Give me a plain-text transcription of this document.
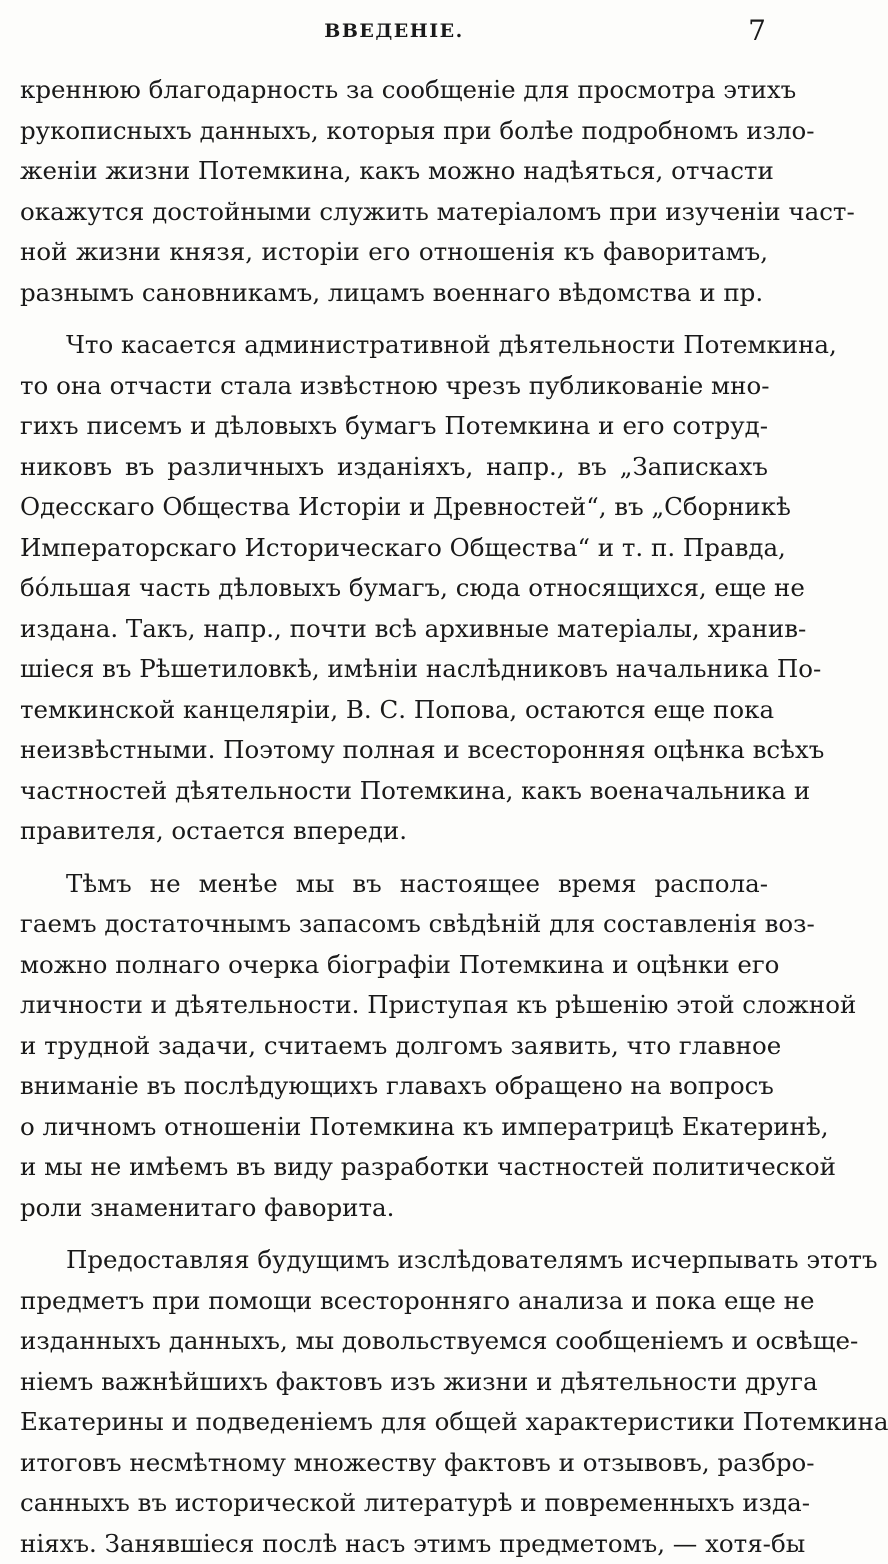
ВВЕДЕНІЕ.	7
креннюю благодарность за сообщеніе для просмотра этихъ
рукописныхъ данныхъ, которыя при болѣе подробномъ изло-
женіи жизни Потемкина, какъ можно надѣяться, отчасти
окажутся достойными служить матеріаломъ при изученіи част-
ной жизни князя, исторіи его отношенія къ фаворитамъ,
разнымъ сановникамъ, лицамъ военнаго вѣдомства и пр.
Что касается административной дѣятельности Потемкина,
то она отчасти стала извѣстною чрезъ публикованіе мно-
гихъ писемъ и дѣловыхъ бумагъ Потемкина и его сотруд-
никовъ въ различныхъ изданіяхъ, напр., въ „Запискахъ
Одесскаго Общества Исторіи и Древностей“, въ „Сборникѣ
Императорскаго Историческаго Общества“ и т. п. Правда,
бо́льшая часть дѣловыхъ бумагъ, сюда относящихся, еще не
издана. Такъ, напр., почти всѣ архивные матеріалы, хранив-
шіеся въ Рѣшетиловкѣ, имѣніи наслѣдниковъ начальника По-
темкинской канцеляріи, В. С. Попова, остаются еще пока
неизвѣстными. Поэтому полная и всесторонняя оцѣнка всѣхъ
частностей дѣятельности Потемкина, какъ военачальника и
правителя, остается впереди.
Тѣмъ не менѣе мы въ настоящее время распола-
гаемъ достаточнымъ запасомъ свѣдѣній для составленія воз-
можно полнаго очерка біографіи Потемкина и оцѣнки его
личности и дѣятельности. Приступая къ рѣшенію этой сложной
и трудной задачи, считаемъ долгомъ заявить, что главное
вниманіе въ послѣдующихъ главахъ обращено на вопросъ
о личномъ отношеніи Потемкина къ императрицѣ Екатеринѣ,
и мы не имѣемъ въ виду разработки частностей политической
роли знаменитаго фаворита.
Предоставляя будущимъ изслѣдователямъ исчерпывать этотъ
предметъ при помощи всесторонняго анализа и пока еще не
изданныхъ данныхъ, мы довольствуемся сообщеніемъ и освѣще-
ніемъ важнѣйшихъ фактовъ изъ жизни и дѣятельности друга
Екатерины и подведеніемъ для общей характеристики Потемкина
итоговъ несмѣтному множеству фактовъ и отзывовъ, разбро-
санныхъ въ исторической литературѣ и повременныхъ изда-
ніяхъ. Занявшіеся послѣ насъ этимъ предметомъ, — хотя-бы
